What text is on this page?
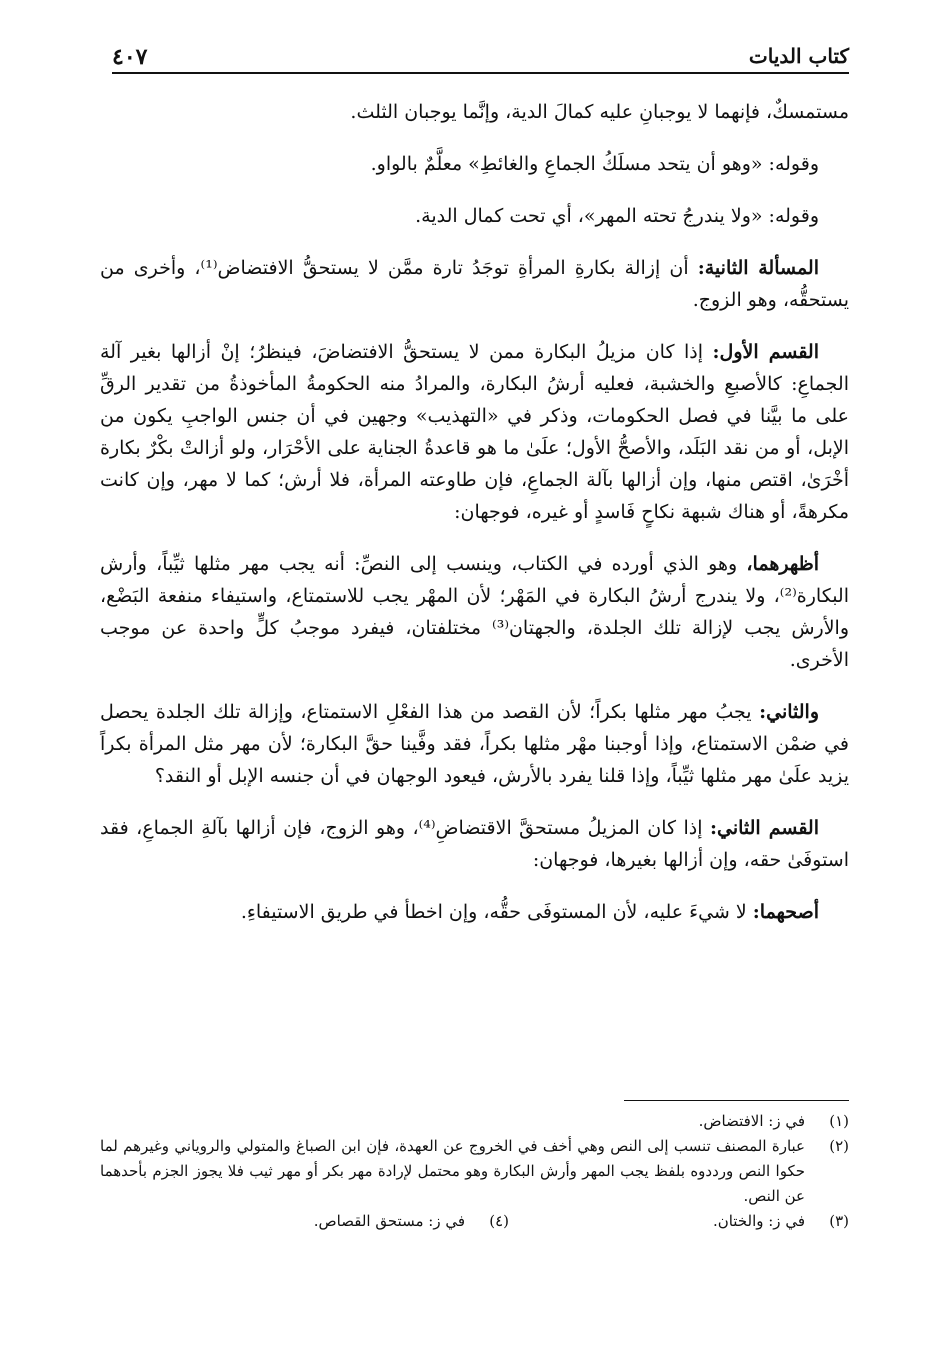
كتاب الديات
٤٠٧

مستمسكٌ، فإنهما لا يوجبانِ عليه كمالَ الدية، وإنَّما يوجبان الثلث.

وقوله: «وهو أن يتحد مسلَكُ الجماعِ والغائطِ» معلَّمٌ بالواو.

وقوله: «ولا يندرجُ تحته المهر»، أي تحت كمال الدية.

المسألة الثانية: أن إزالة بكارةِ المرأةِ توجَدُ تارة ممَّن لا يستحقُّ الافتضاض⁽¹⁾، وأخرى من يستحقُّه، وهو الزوج.

القسم الأول: إذا كان مزيلُ البكارة ممن لا يستحقُّ الافتضاضَ، فينظرُ؛ إنْ أزالها بغير آلة الجماعِ: كالأصبعِ والخشبة، فعليه أرشُ البكارة، والمرادُ منه الحكومةُ المأخوذةُ من تقدير الرقِّ على ما بيَّنا في فصل الحكومات، وذكر في «التهذيب» وجهين في أن جنس الواجبِ يكون من الإبل، أو من نقد البَلَد، والأصحُّ الأول؛ علَىٰ ما هو قاعدةُ الجناية على الأحْرَار، ولو أزالتْ بكْرٌ بكارة أخْرَىٰ، اقتص منها، وإن أزالها بآلة الجماعِ، فإن طاوعته المرأة، فلا أرش؛ كما لا مهر، وإن كانت مكرهةً، أو هناك شبهة نكاحٍ فَاسدٍ أو غيره، فوجهان:

أظهرهما، وهو الذي أورده في الكتاب، وينسب إلى النصِّ: أنه يجب مهر مثلها ثيِّباً، وأرش البكارة⁽²⁾، ولا يندرج أرشُ البكارة في المَهْر؛ لأن المهْر يجب للاستمتاع، واستيفاء منفعة البَضْع، والأرش يجب لإزالة تلك الجلدة، والجهتان⁽³⁾ مختلفتان، فيفرد موجبُ كلٍّ واحدة عن موجب الأخرى.

والثاني: يجبُ مهر مثلها بكراً؛ لأن القصد من هذا الفعْلِ الاستمتاع، وإزالة تلك الجلدة يحصل في ضمْن الاستمتاع، وإذا أوجبنا مهْر مثلها بكراً، فقد وفَّينا حقَّ البكارة؛ لأن مهر مثل المرأة بكراً يزيد علَىٰ مهر مثلها ثيِّباً، وإذا قلنا يفرد بالأرش، فيعود الوجهان في أن جنسه الإبل أو النقد؟

القسم الثاني: إذا كان المزيلُ مستحقَّ الاقتضاضِ⁽⁴⁾، وهو الزوج، فإن أزالها بآلةِ الجماعِ، فقد استوفَىٰ حقه، وإن أزالها بغيرها، فوجهان:

أصحهما: لا شيءَ عليه، لأن المستوفَى حقُّه، وإن اخطأ في طريق الاستيفاءِ.

(١)
في ز: الافتضاض.
(٢)
عبارة المصنف تنسب إلى النص وهي أخف في الخروج عن العهدة، فإن ابن الصباغ والمتولي والروياني وغيرهم لما حكوا النص ورددوه بلفظ يجب المهر وأرش البكارة وهو محتمل لإرادة مهر بكر أو مهر ثيب فلا يجوز الجزم بأحدهما عن النص.
(٣)
في ز: والختان.
(٤)
في ز: مستحق القصاص.
